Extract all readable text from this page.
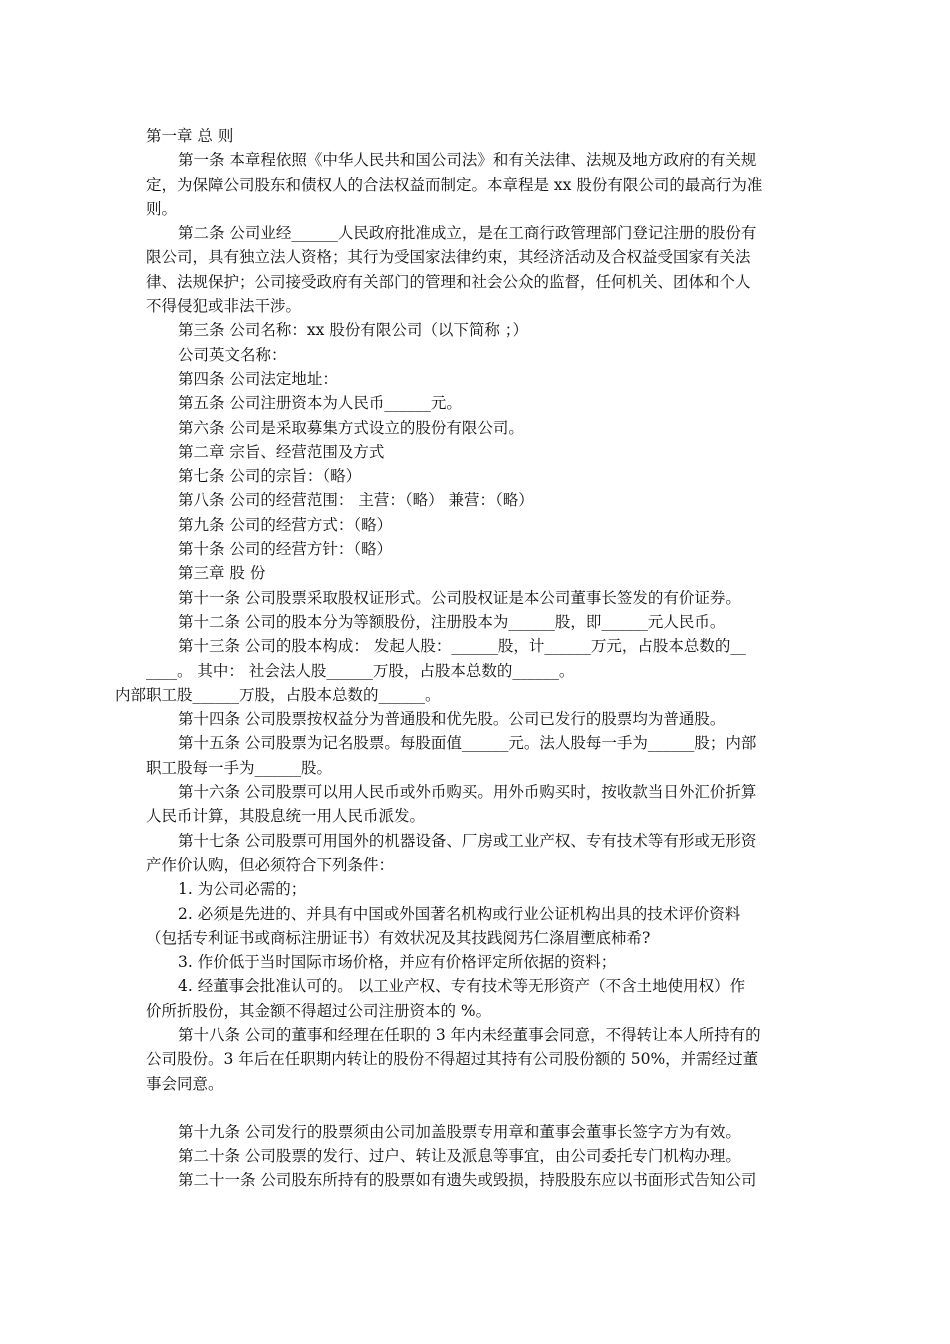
第一章 总 则

第一条 本章程依照《中华人民共和国公司法》和有关法律、法规及地方政府的有关规

定，为保障公司股东和债权人的合法权益而制定。本章程是 xx 股份有限公司的最高行为准

则。

第二条 公司业经______人民政府批准成立，是在工商行政管理部门登记注册的股份有

限公司，具有独立法人资格；其行为受国家法律约束，其经济活动及合权益受国家有关法

律、法规保护；公司接受政府有关部门的管理和社会公众的监督，任何机关、团体和个人

不得侵犯或非法干涉。

第三条 公司名称：xx 股份有限公司（以下简称 ；）

公司英文名称：

第四条 公司法定地址：

第五条 公司注册资本为人民币______元。

第六条 公司是采取募集方式设立的股份有限公司。

第二章 宗旨、经营范围及方式

第七条 公司的宗旨：（略）

第八条 公司的经营范围： 主营：（略） 兼营：（略）

第九条 公司的经营方式：（略）

第十条 公司的经营方针：（略）

第三章 股 份

第十一条 公司股票采取股权证形式。公司股权证是本公司董事长签发的有价证券。

第十二条 公司的股本分为等额股份，注册股本为______股，即______元人民币。

第十三条 公司的股本构成： 发起人股：______股，计______万元，占股本总数的__

____。 其中： 社会法人股______万股，占股本总数的______。

内部职工股______万股，占股本总数的______。

第十四条 公司股票按权益分为普通股和优先股。公司已发行的股票均为普通股。

第十五条 公司股票为记名股票。每股面值______元。法人股每一手为______股；内部

职工股每一手为______股。

第十六条 公司股票可以用人民币或外币购买。用外币购买时，按收款当日外汇价折算

人民币计算，其股息统一用人民币派发。

第十七条 公司股票可用国外的机器设备、厂房或工业产权、专有技术等有形或无形资

产作价认购，但必须符合下列条件：

1. 为公司必需的；

2. 必须是先进的、并具有中国或外国著名机构或行业公证机构出具的技术评价资料

（包括专利证书或商标注册证书）有效状况及其技践阅艿仁涤眉壍底柿希?

3. 作价低于当时国际市场价格，并应有价格评定所依据的资料；

4. 经董事会批准认可的。 以工业产权、专有技术等无形资产（不含土地使用权）作

价所折股份，其金额不得超过公司注册资本的 %。

第十八条 公司的董事和经理在任职的 3 年内未经董事会同意，不得转让本人所持有的

公司股份。3 年后在任职期内转让的股份不得超过其持有公司股份额的 50%，并需经过董

事会同意。

第十九条 公司发行的股票须由公司加盖股票专用章和董事会董事长签字方为有效。

第二十条 公司股票的发行、过户、转让及派息等事宜，由公司委托专门机构办理。

第二十一条 公司股东所持有的股票如有遗失或毁损，持股股东应以书面形式告知公司
